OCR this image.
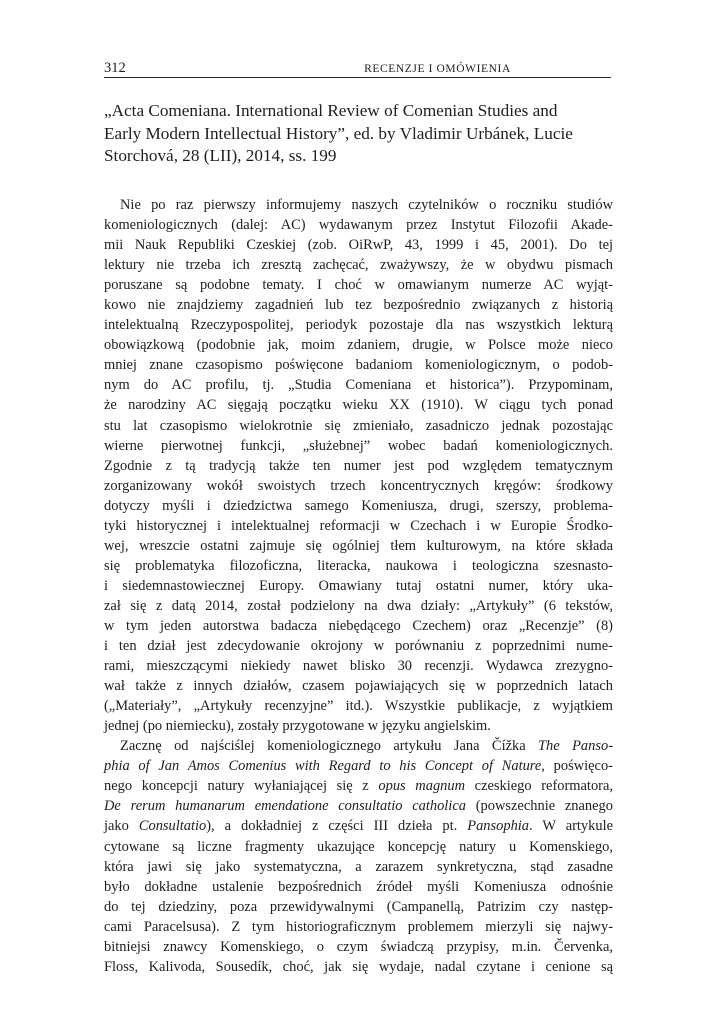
312	RECENZJE I OMÓWIENIA
„Acta Comeniana. International Review of Comenian Studies and
Early Modern Intellectual History”, ed. by Vladimir Urbánek, Lucie
Storchová, 28 (LII), 2014, ss. 199
Nie po raz pierwszy informujemy naszych czytelników o roczniku studiów
komeniologicznych (dalej: AC) wydawanym przez Instytut Filozofii Akade-
mii Nauk Republiki Czeskiej (zob. OiRwP, 43, 1999 i 45, 2001). Do tej
lektury nie trzeba ich zresztą zachęcać, zważywszy, że w obydwu pismach
poruszane są podobne tematy. I choć w omawianym numerze AC wyjąt-
kowo nie znajdziemy zagadnień lub tez bezpośrednio związanych z historią
intelektualną Rzeczypospolitej, periodyk pozostaje dla nas wszystkich lekturą
obowiązkową (podobnie jak, moim zdaniem, drugie, w Polsce może nieco
mniej znane czasopismo poświęcone badaniom komeniologicznym, o podob-
nym do AC profilu, tj. „Studia Comeniana et historica”). Przypominam,
że narodziny AC sięgają początku wieku XX (1910). W ciągu tych ponad
stu lat czasopismo wielokrotnie się zmieniało, zasadniczo jednak pozostając
wierne pierwotnej funkcji, „służebnej” wobec badań komeniologicznych.
Zgodnie z tą tradycją także ten numer jest pod względem tematycznym
zorganizowany wokół swoistych trzech koncentrycznych kręgów: środkowy
dotyczy myśli i dziedzictwa samego Komeniusza, drugi, szerszy, problema-
tyki historycznej i intelektualnej reformacji w Czechach i w Europie Środko-
wej, wreszcie ostatni zajmuje się ogólniej tłem kulturowym, na które składa
się problematyka filozoficzna, literacka, naukowa i teologiczna szesnasto-
i siedemnastowiecznej Europy. Omawiany tutaj ostatni numer, który uka-
zał się z datą 2014, został podzielony na dwa działy: „Artykuły” (6 tekstów,
w tym jeden autorstwa badacza niebędącego Czechem) oraz „Recenzje” (8)
i ten dział jest zdecydowanie okrojony w porównaniu z poprzednimi nume-
rami, mieszczącymi niekiedy nawet blisko 30 recenzji. Wydawca zrezygno-
wał także z innych działów, czasem pojawiających się w poprzednich latach
(„Materiały”, „Artykuły recenzyjne” itd.). Wszystkie publikacje, z wyjątkiem
jednej (po niemiecku), zostały przygotowane w języku angielskim.
Zacznę od najściślej komeniologicznego artykułu Jana Čížka The Panso-
phia of Jan Amos Comenius with Regard to his Concept of Nature, poświęco-
nego koncepcji natury wyłaniającej się z opus magnum czeskiego reformatora,
De rerum humanarum emendatione consultatio catholica (powszechnie znanego
jako Consultatio), a dokładniej z części III dzieła pt. Pansophia. W artykule
cytowane są liczne fragmenty ukazujące koncepcję natury u Komenskiego,
która jawi się jako systematyczna, a zarazem synkretyczna, stąd zasadne
było dokładne ustalenie bezpośrednich źródeł myśli Komeniusza odnośnie
do tej dziedziny, poza przewidywalnymi (Campanellą, Patrizim czy następ-
cami Paracelsusa). Z tym historiograficznym problemem mierzyli się najwy-
bitniejsi znawcy Komenskiego, o czym świadczą przypisy, m.in. Červenka,
Floss, Kalivoda, Sousedík, choć, jak się wydaje, nadal czytane i cenione są
